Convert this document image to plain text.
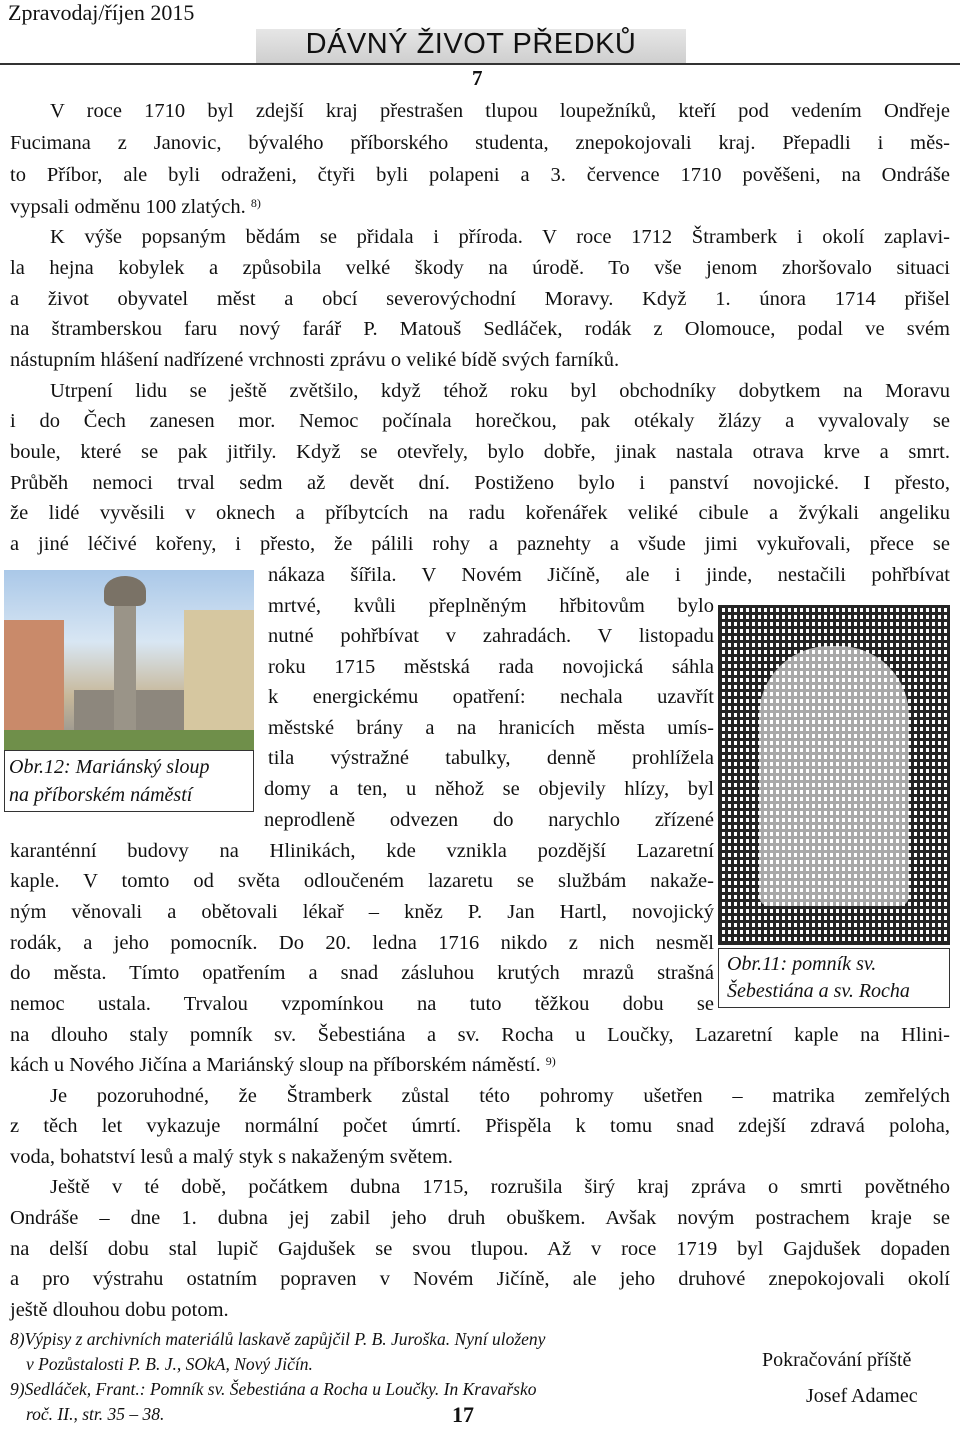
Zpravodaj/říjen 2015
DÁVNÝ ŽIVOT PŘEDKŮ
7
V roce 1710 byl zdejší kraj přestrašen tlupou loupežníků, kteří pod vedením Ondřeje
Fucimana z Janovic, bývalého příborského studenta, znepokojovali kraj. Přepadli i měs-
to Příbor, ale byli odraženi, čtyři byli polapeni a 3. července 1710 pověšeni, na Ondráše
vypsali odměnu 100 zlatých. $^{8)}$
K výše popsaným bědám se přidala i příroda. V roce 1712 Štramberk i okolí zaplavi-
la hejna kobylek a způsobila velké škody na úrodě. To vše jenom zhoršovalo situaci
a život obyvatel měst a obcí severovýchodní Moravy. Když 1. února 1714 přišel
na štramberskou faru nový farář P. Matouš Sedláček, rodák z Olomouce, podal ve svém
nástupním hlášení nadřízené vrchnosti zprávu o veliké bídě svých farníků.
Utrpení lidu se ještě zvětšilo, když téhož roku byl obchodníky dobytkem na Moravu
i do Čech zanesen mor. Nemoc počínala horečkou, pak otékaly žlázy a vyvalovaly se
boule, které se pak jitřily. Když se otevřely, bylo dobře, jinak nastala otrava krve a smrt.
Průběh nemoci trval sedm až devět dní. Postiženo bylo i panství novojické. I přesto,
že lidé vyvěsili v oknech a příbytcích na radu kořenářek veliké cibule a žvýkali angeliku
a jiné léčivé kořeny, i přesto, že pálili rohy a paznehty a všude jimi vykuřovali, přece se
nákaza šířila. V Novém Jičíně, ale i jinde, nestačili pohřbívat
mrtvé, kvůli přeplněným hřbitovům bylo
nutné pohřbívat v zahradách. V listopadu
roku 1715 městská rada novojická sáhla
k energickému opatření: nechala uzavřít
městské brány a na hranicích města umís-
tila výstražné tabulky, denně prohlížela
domy a ten, u něhož se objevily hlízy, byl
neprodleně odvezen do narychlo zřízené
karanténní budovy na Hlinikách, kde vznikla pozdější Lazaretní
kaple. V tomto od světa odloučeném lazaretu se službám nakaže-
ným věnovali a obětovali lékař – kněz P. Jan Hartl, novojický
rodák, a jeho pomocník. Do 20. ledna 1716 nikdo z nich nesměl
do města. Tímto opatřením a snad zásluhou krutých mrazů strašná
nemoc ustala. Trvalou vzpomínkou na tuto těžkou dobu se
na dlouho staly pomník sv. Šebestiána a sv. Rocha u Loučky, Lazaretní kaple na Hlini-
kách u Nového Jičína a Mariánský sloup na příborském náměstí. $^{9)}$
Je pozoruhodné, že Štramberk zůstal této pohromy ušetřen – matrika zemřelých
z těch let vykazuje normální počet úmrtí. Přispěla k tomu snad zdejší zdravá poloha,
voda, bohatství lesů a malý styk s nakaženým světem.
Ještě v té době, počátkem dubna 1715, rozrušila širý kraj zpráva o smrti povětného
Ondráše – dne 1. dubna jej zabil jeho druh obuškem. Avšak novým postrachem kraje se
na delší dobu stal lupič Gajdušek se svou tlupou. Až v roce 1719 byl Gajdušek dopaden
a pro výstrahu ostatním popraven v Novém Jičíně, ale jeho druhové znepokojovali okolí
ještě dlouhou dobu potom.
Obr.12: Mariánský sloup
na příborském náměstí
Obr.11: pomník sv.
Šebestiána a sv. Rocha
8)Výpisy z archivních materiálů laskavě zapůjčil P. B. Juroška. Nyní uloženy
v Pozůstalosti P. B. J., SOkA, Nový Jičín.
9)Sedláček, Frant.: Pomník sv. Šebestiána a Rocha u Loučky. In Kravařsko
roč. II., str. 35 – 38.
Pokračování příště
Josef Adamec
17
